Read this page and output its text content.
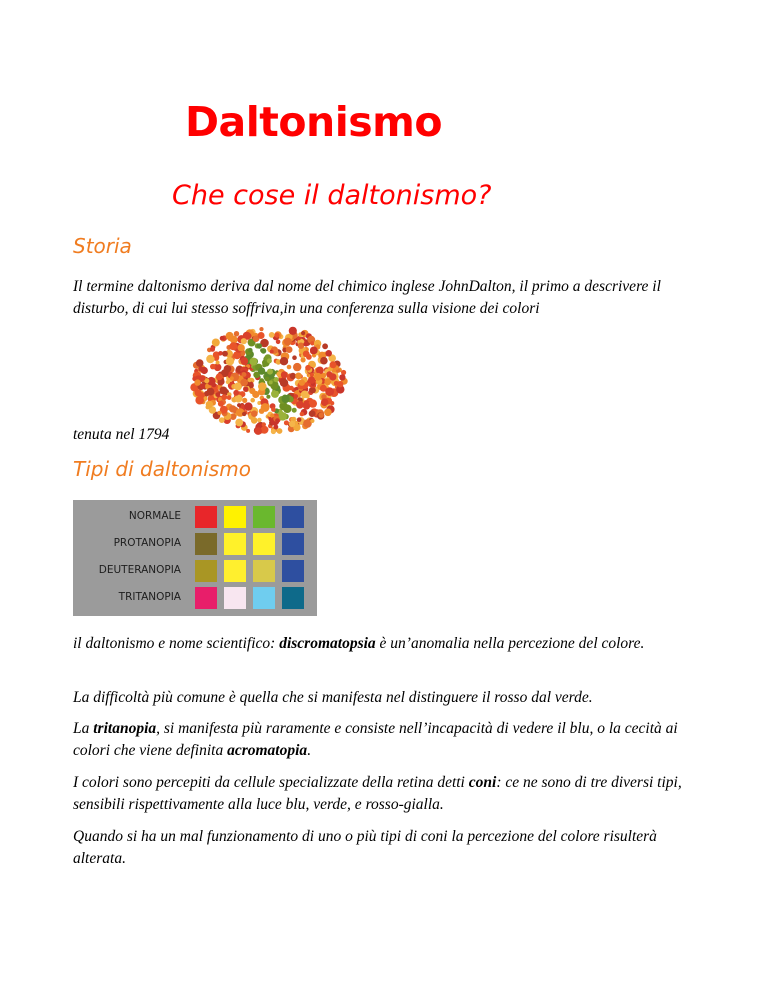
Daltonismo
Che cose il daltonismo?
Storia
Il termine daltonismo deriva dal nome del chimico inglese JohnDalton, il primo a descrivere il disturbo, di cui lui stesso soffriva,in una conferenza sulla visione dei colori
tenuta nel 1794
Tipi di daltonismo
NORMALE
PROTANOPIA
DEUTERANOPIA
TRITANOPIA
il daltonismo e nome scientifico: discromatopsia è un’anomalia nella percezione del colore.
La difficoltà più comune è quella che si manifesta nel distinguere il rosso dal verde.
La tritanopia, si manifesta più raramente e consiste nell’incapacità di vedere il blu, o la cecità ai colori che viene definita acromatopia.
I colori sono percepiti da cellule specializzate della retina detti coni: ce ne sono di tre diversi tipi, sensibili rispettivamente alla luce blu, verde, e rosso-gialla.
Quando si ha un mal funzionamento di uno o più tipi di coni la percezione del colore risulterà alterata.
